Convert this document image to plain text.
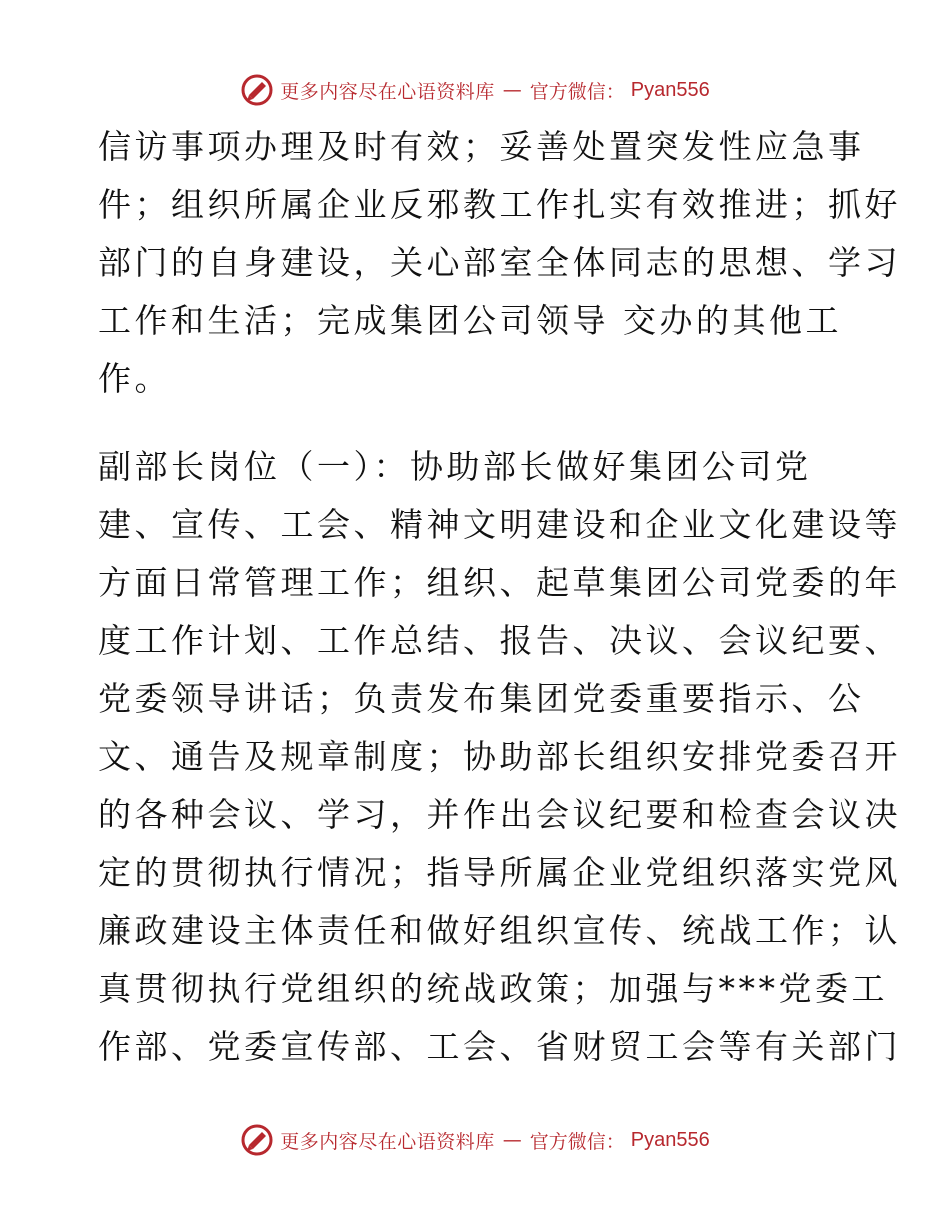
更多内容尽在心语资料库 — 官方微信： Pyan556
信访事项办理及时有效；妥善处置突发性应急事
件；组织所属企业反邪教工作扎实有效推进；抓好
部门的自身建设，关心部室全体同志的思想、学习
工作和生活；完成集团公司领导 交办的其他工
作。
副部长岗位（一）：协助部长做好集团公司党
建、宣传、工会、精神文明建设和企业文化建设等
方面日常管理工作；组织、起草集团公司党委的年
度工作计划、工作总结、报告、决议、会议纪要、
党委领导讲话；负责发布集团党委重要指示、公
文、通告及规章制度；协助部长组织安排党委召开
的各种会议、学习，并作出会议纪要和检查会议决
定的贯彻执行情况；指导所属企业党组织落实党风
廉政建设主体责任和做好组织宣传、统战工作；认
真贯彻执行党组织的统战政策；加强与***党委工
作部、党委宣传部、工会、省财贸工会等有关部门
更多内容尽在心语资料库 — 官方微信： Pyan556
